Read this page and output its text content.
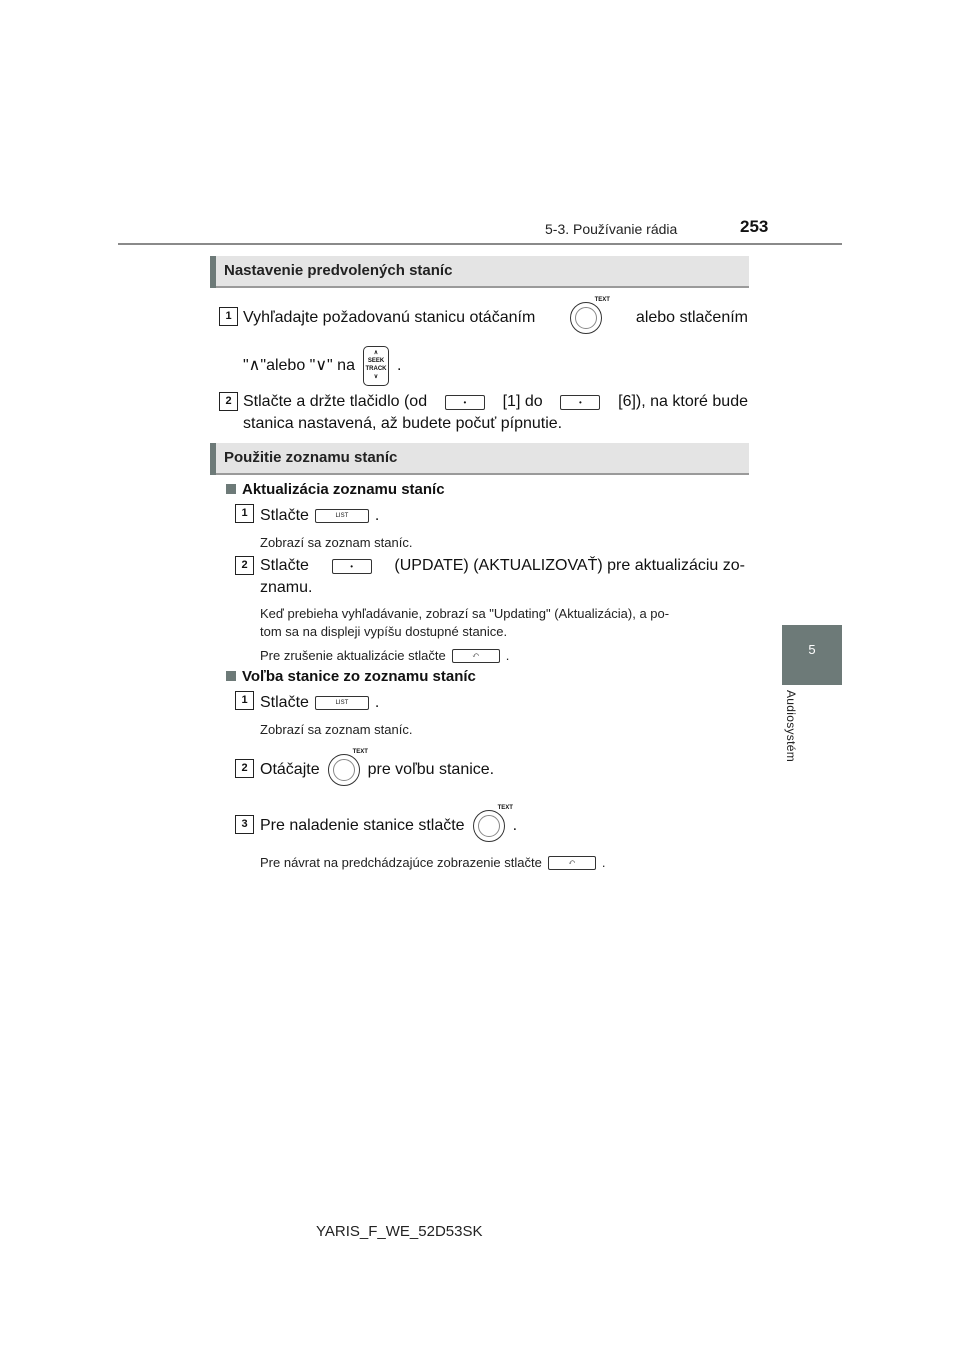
5-3. Používanie rádia	253
5
Audiosystém
Nastavenie predvolených staníc
1 Vyhľadajte požadovanú stanicu otáčaním
TEXT
alebo stlačením
"∧"alebo "∨" na
∧
SEEK
TRACK
∨
.
2 Stlačte a držte tlačidlo (od	•	[1] do	•	[6]), na ktoré bude
stanica nastavená, až budete počuť pípnutie.
Použitie zoznamu staníc
Aktualizácia zoznamu staníc
1 Stlačte	LIST	.
Zobrazí sa zoznam staníc.
2 Stlačte	•	(UPDATE) (AKTUALIZOVAŤ) pre aktualizáciu zo-
znamu.
Keď prebieha vyhľadávanie, zobrazí sa "Updating" (Aktualizácia), a po-
tom sa na displeji vypíšu dostupné stanice.
Pre zrušenie aktualizácie stlačte	⤺	.
Voľba stanice zo zoznamu staníc
1 Stlačte	LIST	.
Zobrazí sa zoznam staníc.
2 Otáčajte
TEXT
pre voľbu stanice.
3 Pre naladenie stanice stlačte
TEXT
.
Pre návrat na predchádzajúce zobrazenie stlačte	⤺	.
YARIS_F_WE_52D53SK
